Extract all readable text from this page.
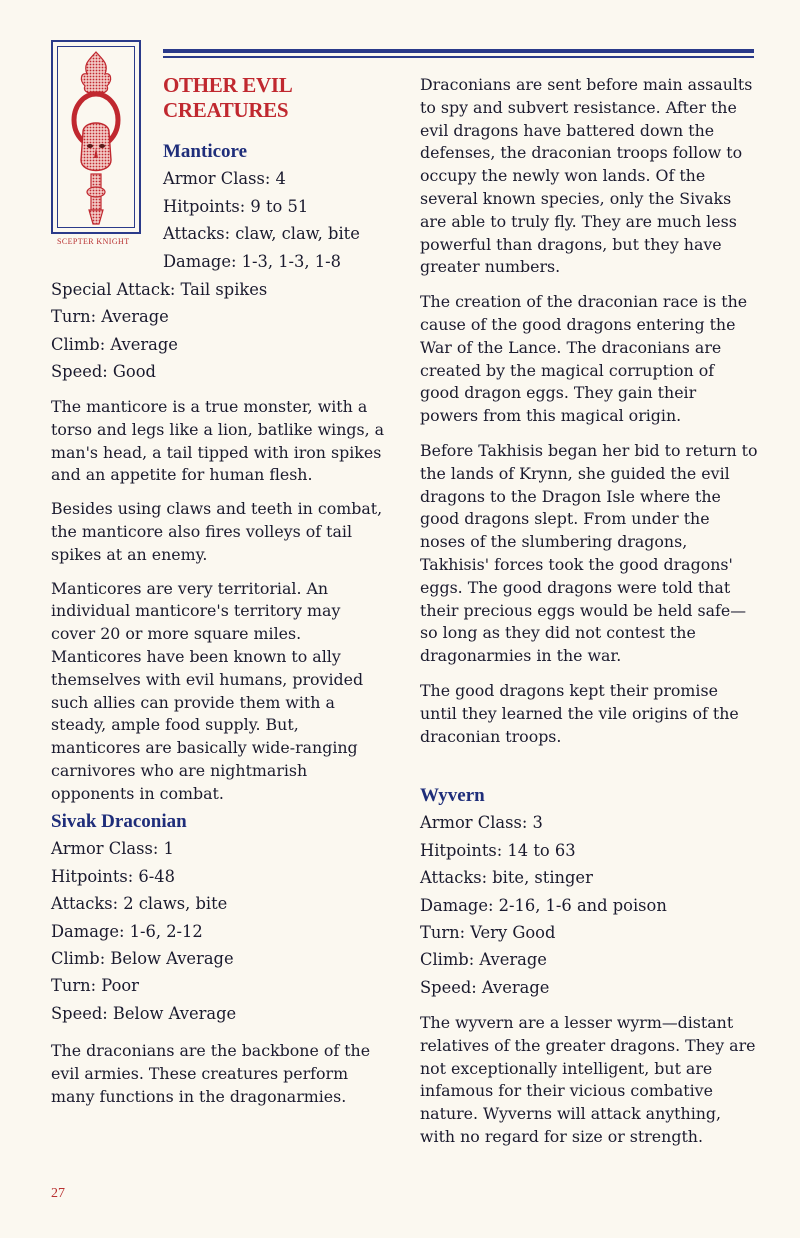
SCEPTER KNIGHT
OTHER EVIL
CREATURES
Manticore
Armor Class: 4
Hitpoints: 9 to 51
Attacks: claw, claw, bite
Damage: 1-3, 1-3, 1-8
Special Attack: Tail spikes
Turn: Average
Climb: Average
Speed: Good

The manticore is a true monster, with a torso and legs like a lion, batlike wings, a man's head, a tail tipped with iron spikes and an appetite for human flesh.

Besides using claws and teeth in combat, the manticore also fires volleys of tail spikes at an enemy.

Manticores are very territorial. An individual manticore's territory may cover 20 or more square miles. Manticores have been known to ally themselves with evil humans, provided such allies can provide them with a steady, ample food supply. But, manticores are basically wide-ranging carnivores who are nightmarish opponents in combat.

Sivak Draconian
Armor Class: 1
Hitpoints: 6-48
Attacks: 2 claws, bite
Damage: 1-6, 2-12
Climb: Below Average
Turn: Poor
Speed: Below Average

The draconians are the backbone of the evil armies. These creatures perform many functions in the dragonarmies.

Draconians are sent before main assaults to spy and subvert resistance. After the evil dragons have battered down the defenses, the draconian troops follow to occupy the newly won lands. Of the several known species, only the Sivaks are able to truly fly. They are much less powerful than dragons, but they have greater numbers.

The creation of the draconian race is the cause of the good dragons entering the War of the Lance. The draconians are created by the magical corruption of good dragon eggs. They gain their powers from this magical origin.

Before Takhisis began her bid to return to the lands of Krynn, she guided the evil dragons to the Dragon Isle where the good dragons slept. From under the noses of the slumbering dragons, Takhisis' forces took the good dragons' eggs. The good dragons were told that their precious eggs would be held safe—so long as they did not contest the dragonarmies in the war.

The good dragons kept their promise until they learned the vile origins of the draconian troops.

Wyvern
Armor Class: 3
Hitpoints: 14 to 63
Attacks: bite, stinger
Damage: 2-16, 1-6 and poison
Turn: Very Good
Climb: Average
Speed: Average

The wyvern are a lesser wyrm—distant relatives of the greater dragons. They are not exceptionally intelligent, but are infamous for their vicious combative nature. Wyverns will attack anything, with no regard for size or strength.

27
